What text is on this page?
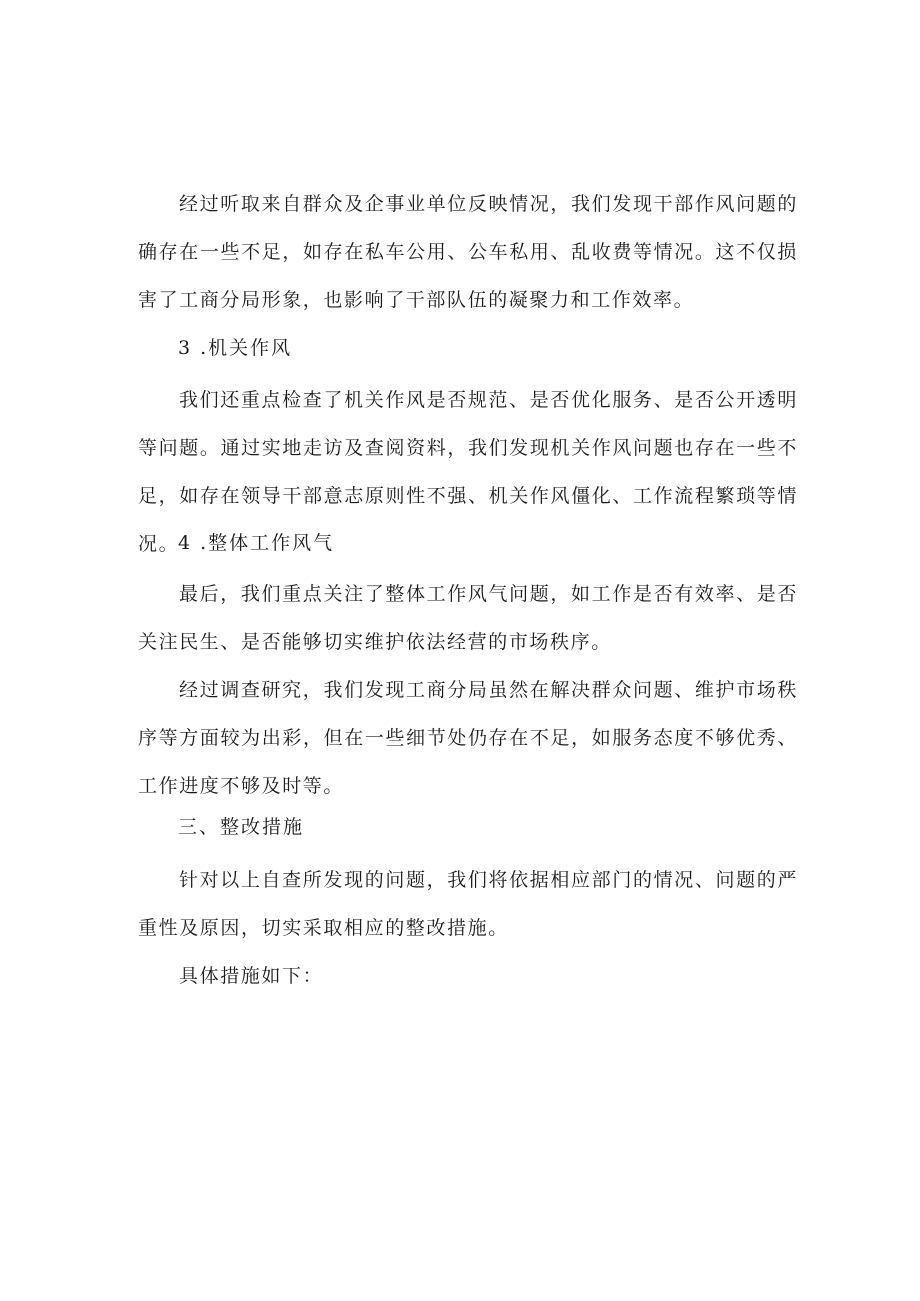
经过听取来自群众及企事业单位反映情况，我们发现干部作风问题的确存在一些不足，如存在私车公用、公车私用、乱收费等情况。这不仅损害了工商分局形象，也影响了干部队伍的凝聚力和工作效率。

3 .机关作风

我们还重点检查了机关作风是否规范、是否优化服务、是否公开透明等问题。通过实地走访及查阅资料，我们发现机关作风问题也存在一些不足，如存在领导干部意志原则性不强、机关作风僵化、工作流程繁琐等情况。

4 .整体工作风气

最后，我们重点关注了整体工作风气问题，如工作是否有效率、是否关注民生、是否能够切实维护依法经营的市场秩序。

经过调查研究，我们发现工商分局虽然在解决群众问题、维护市场秩序等方面较为出彩，但在一些细节处仍存在不足，如服务态度不够优秀、工作进度不够及时等。

三、整改措施

针对以上自查所发现的问题，我们将依据相应部门的情况、问题的严重性及原因，切实采取相应的整改措施。

具体措施如下：
